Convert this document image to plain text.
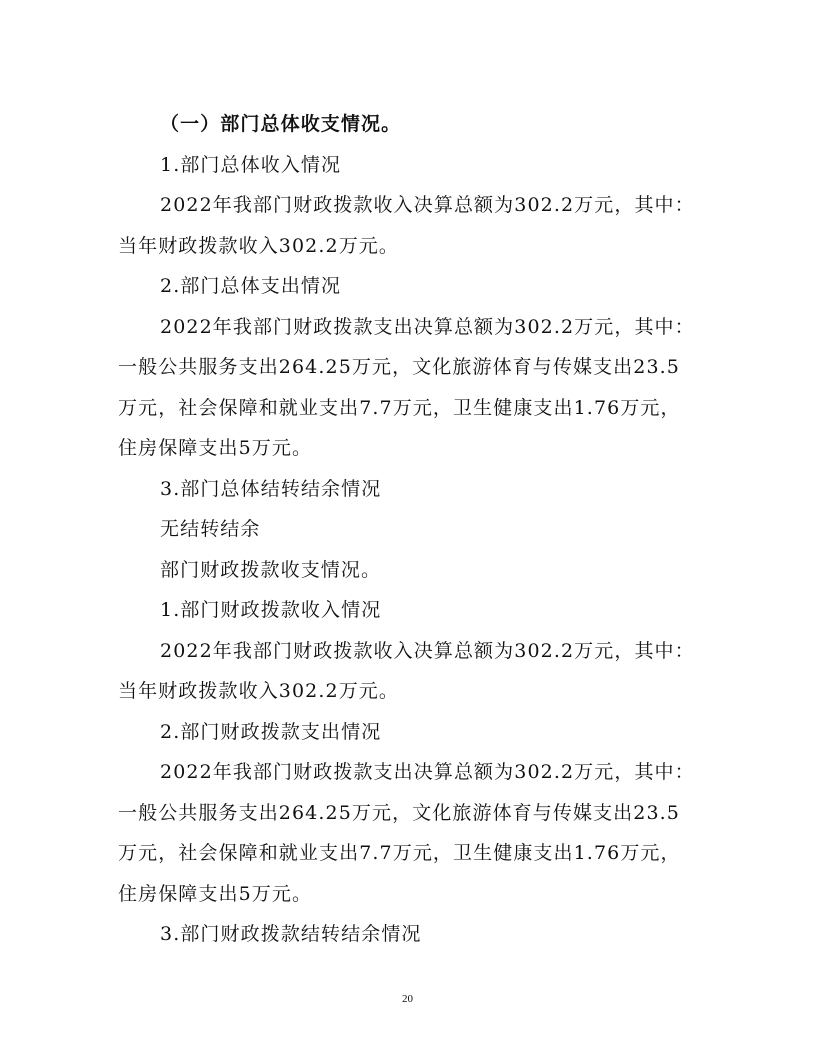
（一）部门总体收支情况。

1.部门总体收入情况

2022年我部门财政拨款收入决算总额为302.2万元，其中：当年财政拨款收入302.2万元。

2.部门总体支出情况

2022年我部门财政拨款支出决算总额为302.2万元，其中：一般公共服务支出264.25万元，文化旅游体育与传媒支出23.5万元，社会保障和就业支出7.7万元，卫生健康支出1.76万元，住房保障支出5万元。

3.部门总体结转结余情况

无结转结余

部门财政拨款收支情况。

1.部门财政拨款收入情况

2022年我部门财政拨款收入决算总额为302.2万元，其中：当年财政拨款收入302.2万元。

2.部门财政拨款支出情况

2022年我部门财政拨款支出决算总额为302.2万元，其中：一般公共服务支出264.25万元，文化旅游体育与传媒支出23.5万元，社会保障和就业支出7.7万元，卫生健康支出1.76万元，住房保障支出5万元。

3.部门财政拨款结转结余情况

20
